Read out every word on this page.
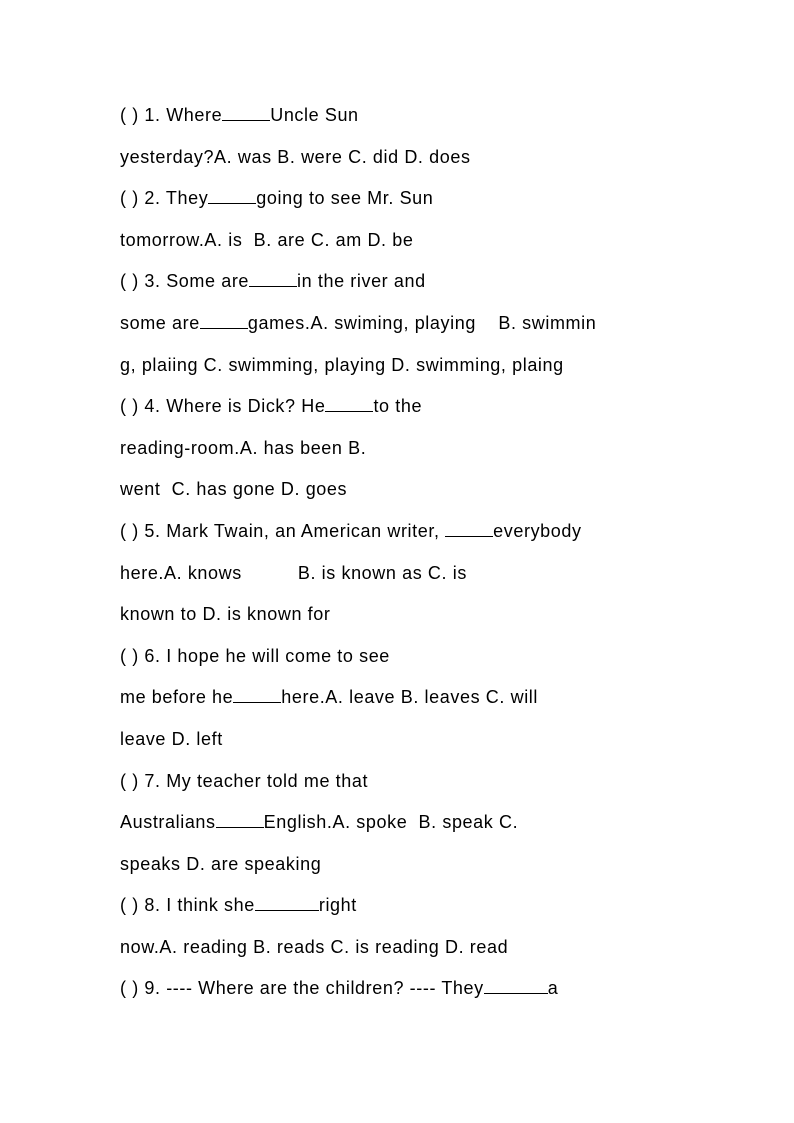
( ) 1. Where	Uncle Sun
yesterday?A. was B. were C. did D. does
( ) 2. They	going to see Mr. Sun
tomorrow.A. is  B. are C. am D. be
( ) 3. Some are	in the river and
some are	games.A. swiming, playing    B. swimmin
g, plaiing C. swimming, playing D. swimming, plaing
( ) 4. Where is Dick? He	to the
reading-room.A. has been B.
went  C. has gone D. goes
( ) 5. Mark Twain, an American writer,	everybody
here.A. knows          B. is known as C. is
known to D. is known for
( ) 6. I hope he will come to see
me before he	here.A. leave B. leaves C. will
leave D. left
( ) 7. My teacher told me that
Australians	English.A. spoke  B. speak C.
speaks D. are speaking
( ) 8. I think she	right
now.A. reading B. reads C. is reading D. read
( ) 9. ---- Where are the children? ---- They	a
